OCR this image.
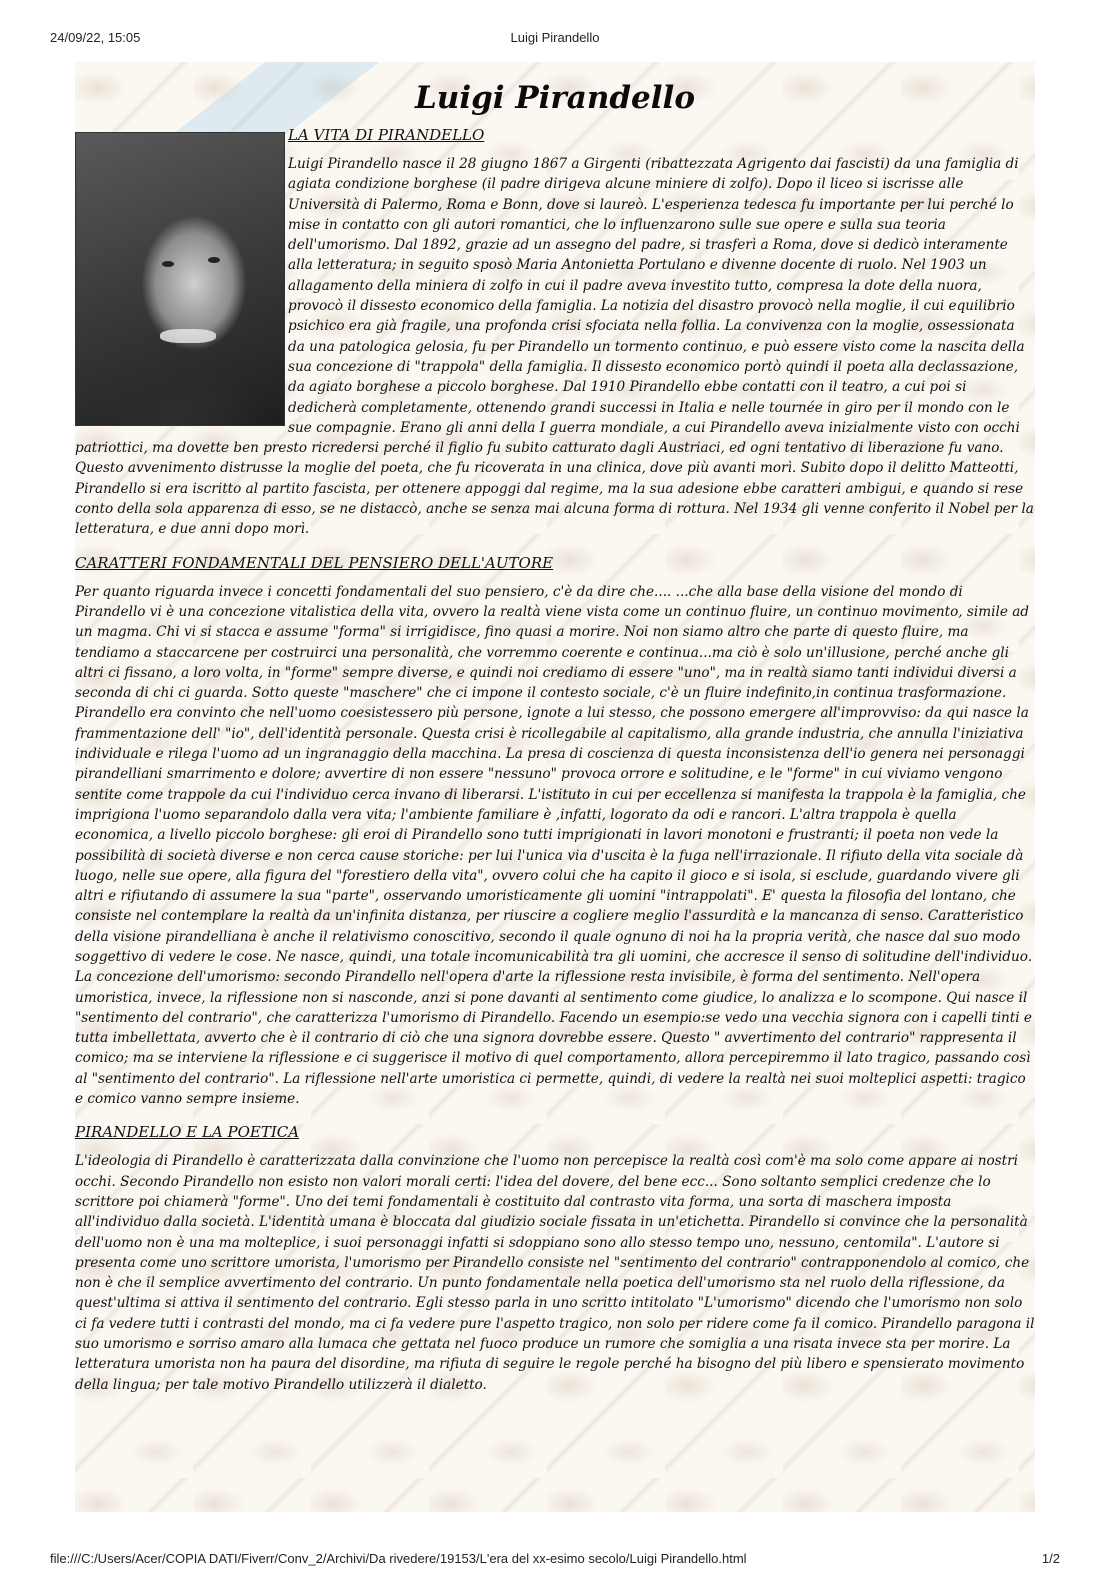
24/09/22, 15:05	Luigi Pirandello
Luigi Pirandello
LA VITA DI PIRANDELLO

Luigi Pirandello nasce il 28 giugno 1867 a Girgenti (ribattezzata Agrigento dai fascisti) da una famiglia di agiata condizione borghese (il padre dirigeva alcune miniere di zolfo). Dopo il liceo si iscrisse alle Università di Palermo, Roma e Bonn, dove si laureò. L'esperienza tedesca fu importante per lui perché lo mise in contatto con gli autori romantici, che lo influenzarono sulle sue opere e sulla sua teoria dell'umorismo. Dal 1892, grazie ad un assegno del padre, si trasferì a Roma, dove si dedicò interamente alla letteratura; in seguito sposò Maria Antonietta Portulano e divenne docente di ruolo. Nel 1903 un allagamento della miniera di zolfo in cui il padre aveva investito tutto, compresa la dote della nuora, provocò il dissesto economico della famiglia. La notizia del disastro provocò nella moglie, il cui equilibrio psichico era già fragile, una profonda crisi sfociata nella follia. La convivenza con la moglie, ossessionata da una patologica gelosia, fu per Pirandello un tormento continuo, e può essere visto come la nascita della sua concezione di "trappola" della famiglia. Il dissesto economico portò quindi il poeta alla declassazione, da agiato borghese a piccolo borghese. Dal 1910 Pirandello ebbe contatti con il teatro, a cui poi si dedicherà completamente, ottenendo grandi successi in Italia e nelle tournée in giro per il mondo con le sue compagnie. Erano gli anni della I guerra mondiale, a cui Pirandello aveva inizialmente visto con occhi patriottici, ma dovette ben presto ricredersi perché il figlio fu subito catturato dagli Austriaci, ed ogni tentativo di liberazione fu vano. Questo avvenimento distrusse la moglie del poeta, che fu ricoverata in una clinica, dove più avanti morì. Subito dopo il delitto Matteotti, Pirandello si era iscritto al partito fascista, per ottenere appoggi dal regime, ma la sua adesione ebbe caratteri ambigui, e quando si rese conto della sola apparenza di esso, se ne distaccò, anche se senza mai alcuna forma di rottura. Nel 1934 gli venne conferito il Nobel per la letteratura, e due anni dopo morì.

CARATTERI FONDAMENTALI DEL PENSIERO DELL'AUTORE

Per quanto riguarda invece i concetti fondamentali del suo pensiero, c'è da dire che.... ...che alla base della visione del mondo di Pirandello vi è una concezione vitalistica della vita, ovvero la realtà viene vista come un continuo fluire, un continuo movimento, simile ad un magma. Chi vi si stacca e assume "forma" si irrigidisce, fino quasi a morire. Noi non siamo altro che parte di questo fluire, ma tendiamo a staccarcene per costruirci una personalità, che vorremmo coerente e continua...ma ciò è solo un'illusione, perché anche gli altri ci fissano, a loro volta, in "forme" sempre diverse, e quindi noi crediamo di essere "uno", ma in realtà siamo tanti individui diversi a seconda di chi ci guarda. Sotto queste "maschere" che ci impone il contesto sociale, c'è un fluire indefinito,in continua trasformazione. Pirandello era convinto che nell'uomo coesistessero più persone, ignote a lui stesso, che possono emergere all'improvviso: da qui nasce la frammentazione dell' "io", dell'identità personale. Questa crisi è ricollegabile al capitalismo, alla grande industria, che annulla l'iniziativa individuale e rilega l'uomo ad un ingranaggio della macchina. La presa di coscienza di questa inconsistenza dell'io genera nei personaggi pirandelliani smarrimento e dolore; avvertire di non essere "nessuno" provoca orrore e solitudine, e le "forme" in cui viviamo vengono sentite come trappole da cui l'individuo cerca invano di liberarsi. L'istituto in cui per eccellenza si manifesta la trappola è la famiglia, che imprigiona l'uomo separandolo dalla vera vita; l'ambiente familiare è ,infatti, logorato da odi e rancori. L'altra trappola è quella economica, a livello piccolo borghese: gli eroi di Pirandello sono tutti imprigionati in lavori monotoni e frustranti; il poeta non vede la possibilità di società diverse e non cerca cause storiche: per lui l'unica via d'uscita è la fuga nell'irrazionale. Il rifiuto della vita sociale dà luogo, nelle sue opere, alla figura del "forestiero della vita", ovvero colui che ha capito il gioco e si isola, si esclude, guardando vivere gli altri e rifiutando di assumere la sua "parte", osservando umoristicamente gli uomini "intrappolati". E' questa la filosofia del lontano, che consiste nel contemplare la realtà da un'infinita distanza, per riuscire a cogliere meglio l'assurdità e la mancanza di senso. Caratteristico della visione pirandelliana è anche il relativismo conoscitivo, secondo il quale ognuno di noi ha la propria verità, che nasce dal suo modo soggettivo di vedere le cose. Ne nasce, quindi, una totale incomunicabilità tra gli uomini, che accresce il senso di solitudine dell'individuo. La concezione dell'umorismo: secondo Pirandello nell'opera d'arte la riflessione resta invisibile, è forma del sentimento. Nell'opera umoristica, invece, la riflessione non si nasconde, anzi si pone davanti al sentimento come giudice, lo analizza e lo scompone. Qui nasce il "sentimento del contrario", che caratterizza l'umorismo di Pirandello. Facendo un esempio:se vedo una vecchia signora con i capelli tinti e tutta imbellettata, avverto che è il contrario di ciò che una signora dovrebbe essere. Questo " avvertimento del contrario" rappresenta il comico; ma se interviene la riflessione e ci suggerisce il motivo di quel comportamento, allora percepiremmo il lato tragico, passando così al "sentimento del contrario". La riflessione nell'arte umoristica ci permette, quindi, di vedere la realtà nei suoi molteplici aspetti: tragico e comico vanno sempre insieme.

PIRANDELLO E LA POETICA

L'ideologia di Pirandello è caratterizzata dalla convinzione che l'uomo non percepisce la realtà così com'è ma solo come appare ai nostri occhi. Secondo Pirandello non esisto non valori morali certi: l'idea del dovere, del bene ecc... Sono soltanto semplici credenze che lo scrittore poi chiamerà "forme". Uno dei temi fondamentali è costituito dal contrasto vita forma, una sorta di maschera imposta all'individuo dalla società. L'identità umana è bloccata dal giudizio sociale fissata in un'etichetta. Pirandello si convince che la personalità dell'uomo non è una ma molteplice, i suoi personaggi infatti si sdoppiano sono allo stesso tempo uno, nessuno, centomila". L'autore si presenta come uno scrittore umorista, l'umorismo per Pirandello consiste nel "sentimento del contrario" contrapponendolo al comico, che non è che il semplice avvertimento del contrario. Un punto fondamentale nella poetica dell'umorismo sta nel ruolo della riflessione, da quest'ultima si attiva il sentimento del contrario. Egli stesso parla in uno scritto intitolato "L'umorismo" dicendo che l'umorismo non solo ci fa vedere tutti i contrasti del mondo, ma ci fa vedere pure l'aspetto tragico, non solo per ridere come fa il comico. Pirandello paragona il suo umorismo e sorriso amaro alla lumaca che gettata nel fuoco produce un rumore che somiglia a una risata invece sta per morire. La letteratura umorista non ha paura del disordine, ma rifiuta di seguire le regole perché ha bisogno del più libero e spensierato movimento della lingua; per tale motivo Pirandello utilizzerà il dialetto.

file:///C:/Users/Acer/COPIA DATI/Fiverr/Conv_2/Archivi/Da rivedere/19153/L'era del xx-esimo secolo/Luigi Pirandello.html	1/2
